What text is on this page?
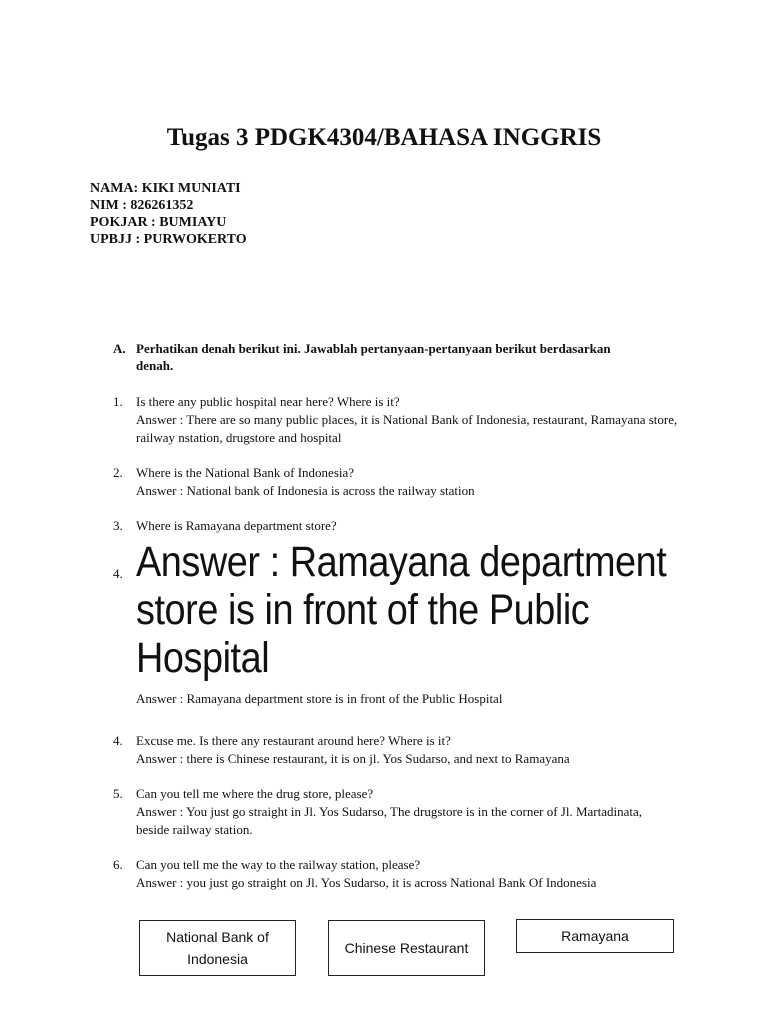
Tugas 3 PDGK4304/BAHASA INGGRIS
NAMA: KIKI MUNIATI
NIM : 826261352
POKJAR : BUMIAYU
UPBJJ : PURWOKERTO
A. Perhatikan denah berikut ini. Jawablah pertanyaan-pertanyaan berikut berdasarkan denah.
1.	Is there any public hospital near here? Where is it?
Answer : There are so many public places, it is National Bank of Indonesia, restaurant, Ramayana store, railway nstation, drugstore and hospital
2.	Where is the National Bank of Indonesia?
Answer : National bank of Indonesia is across the railway station
3.	Where is Ramayana department store?
4. Answer : Ramayana department store is in front of the Public Hospital
Answer : Ramayana department store is in front of the Public Hospital
4.	Excuse me. Is there any restaurant around here? Where is it?
Answer : there is Chinese restaurant, it is on jl. Yos Sudarso, and next to Ramayana
5.	Can you tell me where the drug store, please?
Answer : You just go straight in Jl. Yos Sudarso, The drugstore is in the corner of Jl. Martadinata, beside railway station.
6.	Can you tell me the way to the railway station, please?
Answer : you just go straight on Jl. Yos Sudarso, it is across National Bank Of Indonesia
National Bank of Indonesia
Chinese Restaurant
Ramayana
